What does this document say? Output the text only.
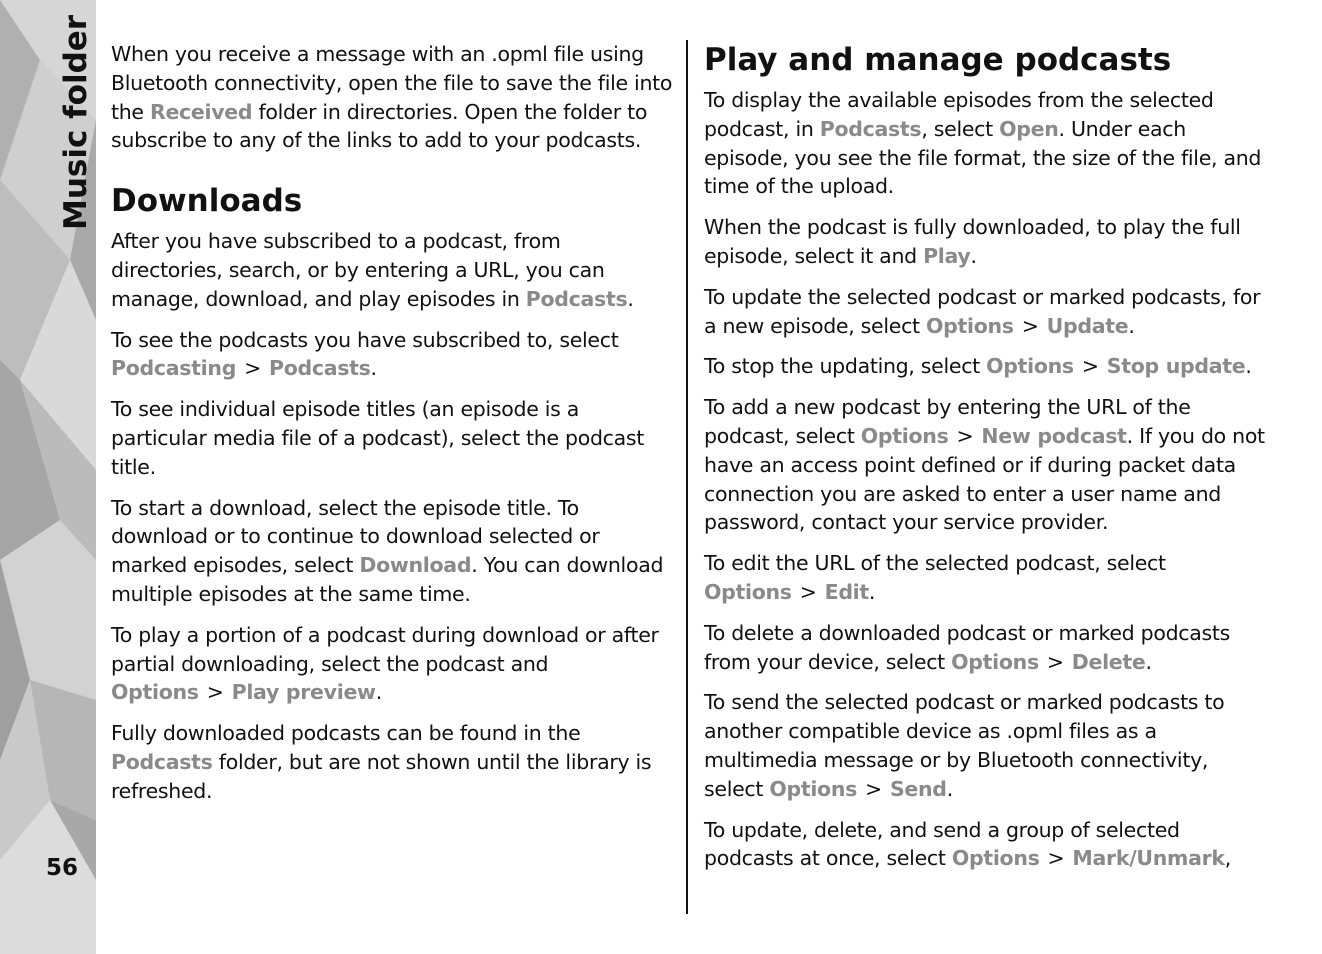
Music folder
56

When you receive a message with an .opml file using Bluetooth connectivity, open the file to save the file into the Received folder in directories. Open the folder to subscribe to any of the links to add to your podcasts.

Downloads

After you have subscribed to a podcast, from directories, search, or by entering a URL, you can manage, download, and play episodes in Podcasts.

To see the podcasts you have subscribed to, select Podcasting > Podcasts.

To see individual episode titles (an episode is a particular media file of a podcast), select the podcast title.

To start a download, select the episode title. To download or to continue to download selected or marked episodes, select Download. You can download multiple episodes at the same time.

To play a portion of a podcast during download or after partial downloading, select the podcast and Options > Play preview.

Fully downloaded podcasts can be found in the Podcasts folder, but are not shown until the library is refreshed.

Play and manage podcasts

To display the available episodes from the selected podcast, in Podcasts, select Open. Under each episode, you see the file format, the size of the file, and time of the upload.

When the podcast is fully downloaded, to play the full episode, select it and Play.

To update the selected podcast or marked podcasts, for a new episode, select Options > Update.

To stop the updating, select Options > Stop update.

To add a new podcast by entering the URL of the podcast, select Options > New podcast. If you do not have an access point defined or if during packet data connection you are asked to enter a user name and password, contact your service provider.

To edit the URL of the selected podcast, select Options > Edit.

To delete a downloaded podcast or marked podcasts from your device, select Options > Delete.

To send the selected podcast or marked podcasts to another compatible device as .opml files as a multimedia message or by Bluetooth connectivity, select Options > Send.

To update, delete, and send a group of selected podcasts at once, select Options > Mark/Unmark,
